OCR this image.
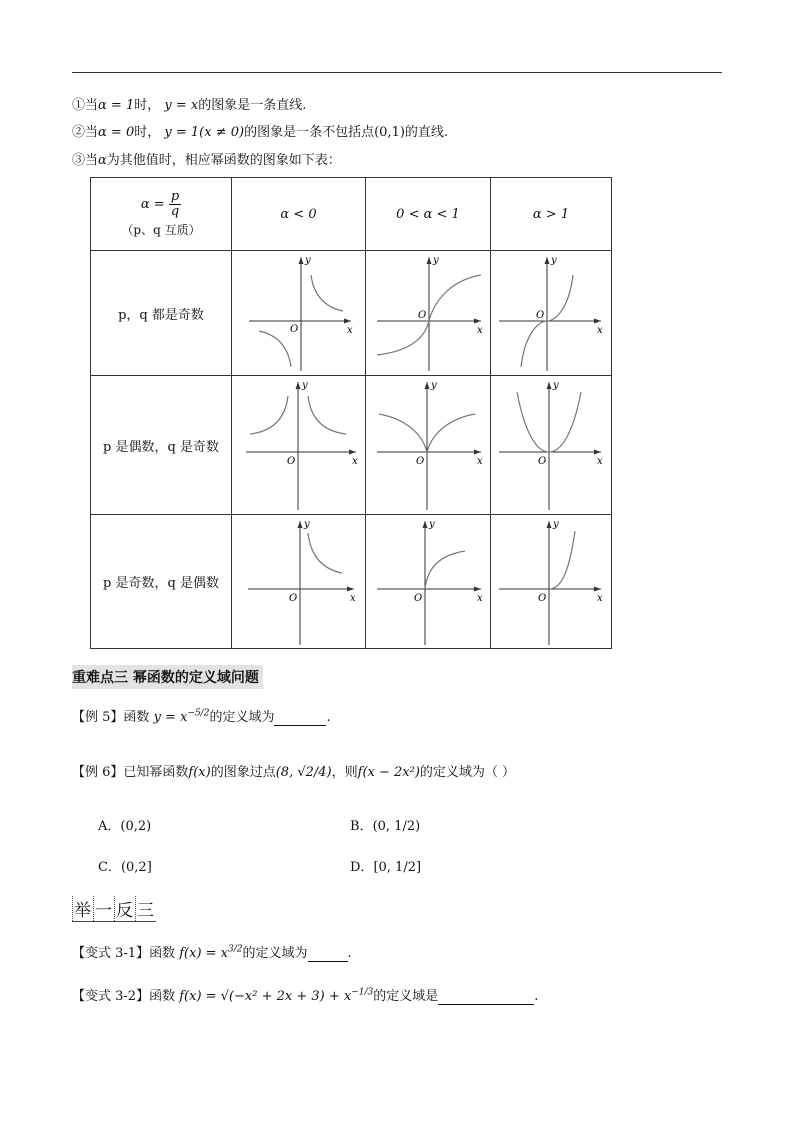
①当α = 1时， y = x的图象是一条直线.
②当α = 0时， y = 1(x ≠ 0)的图象是一条不包括点(0,1)的直线.
③当α为其他值时，相应幂函数的图象如下表：
$\alpha = \frac{p}{q}$
（p、q 互质）	α < 0	0 < α < 1	α > 1
p，q 都是奇数	y
x
O	y
x
O	y
x
O

p 是偶数，q 是奇数	y
x
O	y
x
O	y
x
O

p 是奇数，q 是偶数	y
x
O	y
x
O	y
x
O
重难点三 幂函数的定义域问题
【例 5】函数 $y = x^{-5/2}$的定义域为	.
【例 6】已知幂函数f(x)的图象过点(8, √2/4)，则f(x − 2x²)的定义域为（ ）
A．(0,2)	B．(0, 1/2)
C．(0,2]	D．[0, 1/2]
举 一 反 三
【变式 3-1】函数 $f(x) = x^{3/2}$的定义域为	.
【变式 3-2】函数 $f(x) = √(-x^2 + 2x + 3) + x^{-1/3}$的定义域是	.
